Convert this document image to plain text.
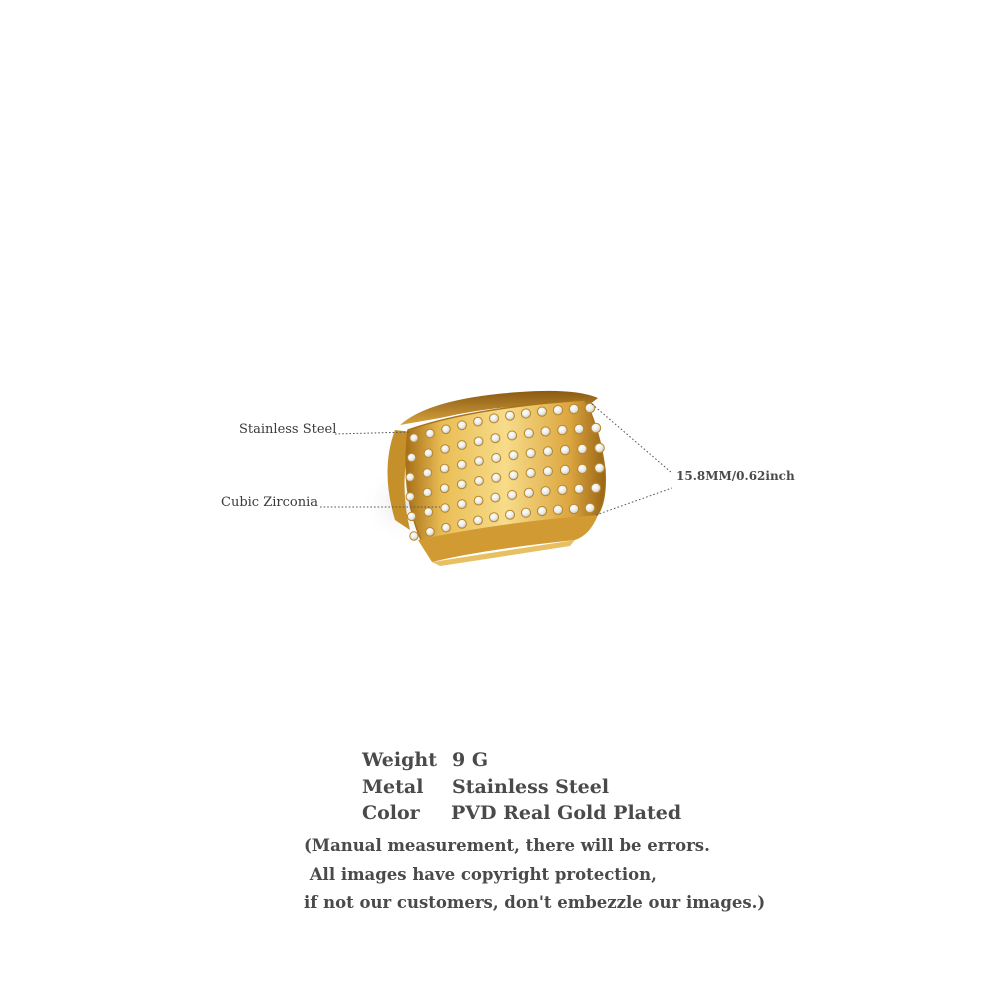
Stainless Steel
Cubic Zirconia
15.8MM/0.62inch
Weight 9 G
Metal	Stainless Steel
Color	PVD Real Gold Plated
(Manual measurement, there will be errors.
All images have copyright protection,
if not our customers, don't embezzle our images.)
